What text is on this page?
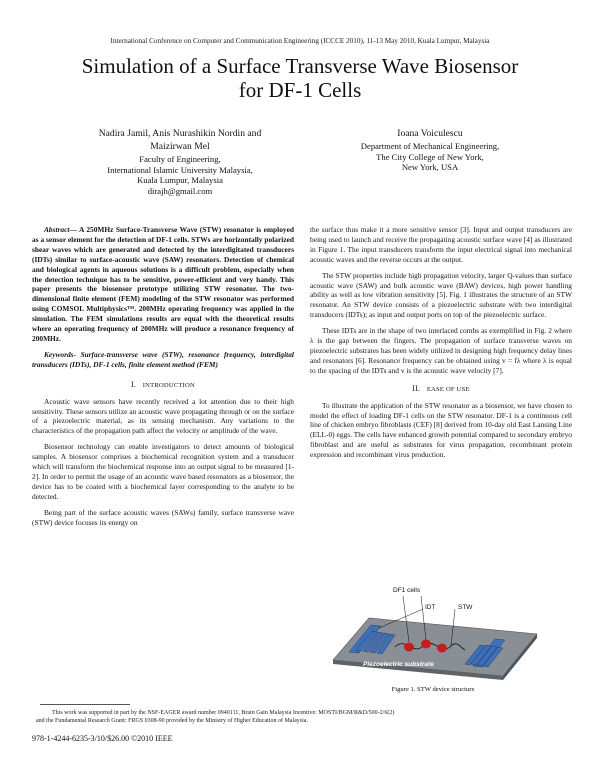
International Conference on Computer and Communication Engineering (ICCCE 2010), 11-13 May 2010, Kuala Lumpur, Malaysia
Simulation of a Surface Transverse Wave Biosensor
for DF-1 Cells
Nadira Jamil, Anis Nurashikin Nordin and
Maizirwan Mel
Faculty of Engineering,
International Islamic University Malaysia,
Kuala Lumpur, Malaysia
dirajh@gmail.com
Ioana Voiculescu
Department of Mechanical Engineering,
The City College of New York,
New York, USA
Abstract— A 250MHz Surface-Transverse Wave (STW) resonator is employed as a sensor element for the detection of DF-1 cells. STWs are horizontally polarized shear waves which are generated and detected by the interdigitated transducers (IDTs) similar to surface-acoustic wave (SAW) resonators. Detection of chemical and biological agents in aqueous solutions is a difficult problem, especially when the detection technique has to be sensitive, power-efficient and very handy. This paper presents the biosensor prototype utilizing STW resonator. The two-dimensional finite element (FEM) modeling of the STW resonator was performed using COMSOL Multiphysics™. 200MHz operating frequency was applied in the simulation. The FEM simulations results are equal with the theoretical results where an operating frequency of 200MHz will produce a resonance frequency of 200MHz.
Keywords- Surface-transverse wave (STW), resonance frequency, interdigital transducers (IDTs), DF-1 cells, finite element method (FEM)
I. INTRODUCTION

Acoustic wave sensors have recently received a lot attention due to their high sensitivity. These sensors utilize an acoustic wave propagating through or on the surface of a piezoelectric material, as its sensing mechanism. Any variations to the characteristics of the propagation path affect the velocity or amplitude of the wave.

Biosensor technology can enable investigators to detect amounts of biological samples. A biosensor comprises a biochemical recognition system and a transducer which will transform the biochemical response into an output signal to be measured [1-2]. In order to permit the usage of an acoustic wave based resonators as a biosensor, the device has to be coated with a biochemical layer corresponding to the analyte to be detected.

Being part of the surface acoustic waves (SAWs) family, surface transverse wave (STW) device focuses its energy on

the surface thus make it a more sensitive sensor [3]. Input and output transducers are being used to launch and receive the propagating acoustic surface wave [4] as illustrated in Figure 1. The input transducers transform the input electrical signal into mechanical acoustic waves and the reverse occurs at the output.

The STW properties include high propagation velocity, larger Q-values than surface acoustic wave (SAW) and bulk acoustic wave (BAW) devices, high power handling ability as well as low vibration sensitivity [5]. Fig. 1 illustrates the structure of an STW resonator. An STW device consists of a piezoelectric substrate with two interdigital transducers (IDTs); as input and output ports on top of the piezoelectric surface.

These IDTs are in the shape of two interlaced combs as exemplified in Fig. 2 where λ is the gap between the fingers. The propagation of surface transverse waves on piezoelectric substrates has been widely utilized in designing high frequency delay lines and resonators [6]. Resonance frequency can be obtained using v = fλ where λ is equal to the spacing of the IDTs and v is the acoustic wave velocity [7].

II. EASE OF USE

To illustrate the application of the STW resonator as a biosensor, we have chosen to model the effect of loading DF-1 cells on the STW resonator. DF-1 is a continuous cell line of chicken embryo fibroblasts (CEF) [8] derived from 10-day old East Lansing Line (ELL-0) eggs. The cells have enhanced growth potential compared to secondary embryo fibroblast and are useful as substrates for virus propagation, recombinant protein expression and recombinant virus production.

DF1 cells
IDT	STW
Piezoelectric substrate
Figure 1. STW device structure
This work was supported in part by the NSF-EAGER award number 0940111, Brain Gain Malaysia Incentive: MOSTI/BGM/R&D/500-2/6(2)
and the Fundamental Research Grant: FRGS 0308-90 provided by the Ministry of Higher Education of Malaysia.
978-1-4244-6235-3/10/$26.00 ©2010 IEEE
